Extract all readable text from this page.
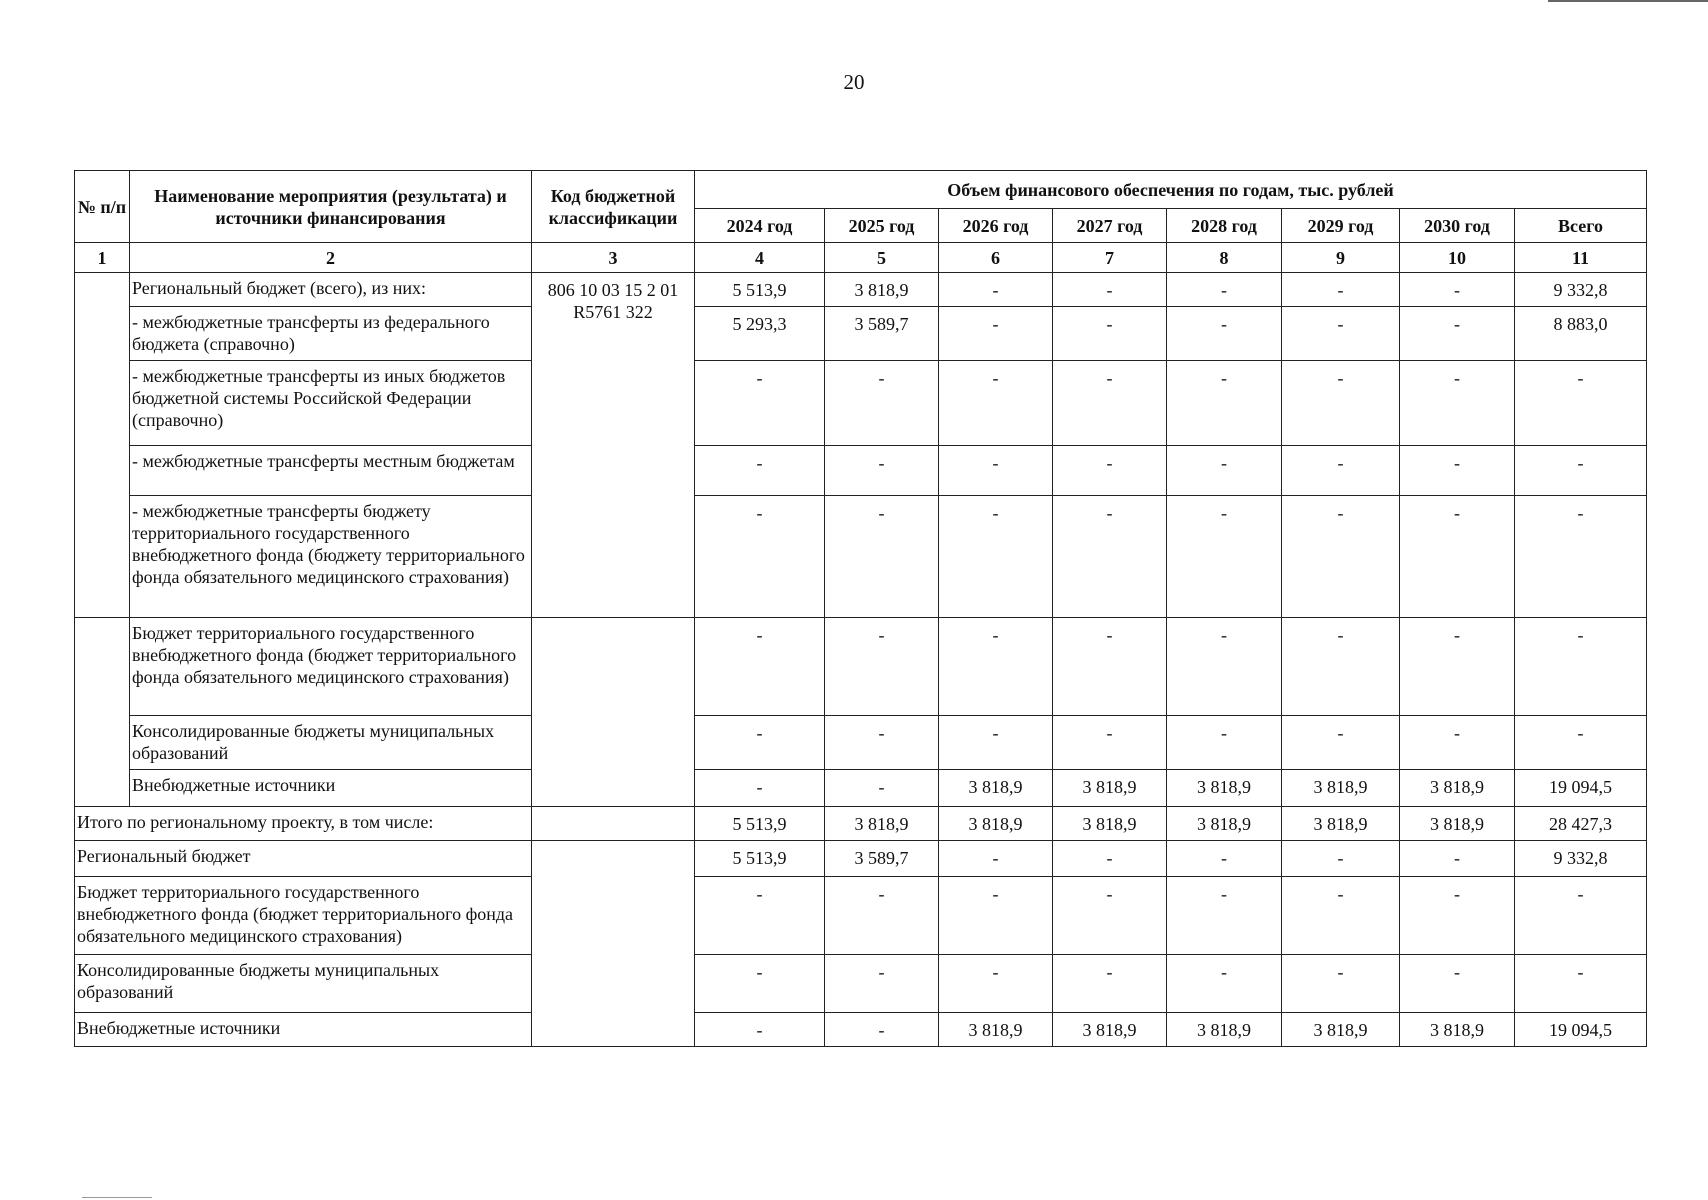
20
№ п/п	Наименование мероприятия (результата) и источники финансирования	Код бюджетной классификации	Объем финансового обеспечения по годам, тыс. рублей							
			2024 год	2025 год	2026 год	2027 год	2028 год	2029 год	2030 год	Всего
1	2	3	4	5	6	7	8	9	10	11
	Региональный бюджет (всего), из них:	806 10 03 15 2 01 R5761 322	5 513,9	3 818,9	-	-	-	-	-	9 332,8
	- межбюджетные трансферты из федерального бюджета (справочно)		5 293,3	3 589,7	-	-	-	-	-	8 883,0
	- межбюджетные трансферты из иных бюджетов бюджетной системы Российской Федерации (справочно)		-	-	-	-	-	-	-	-
	- межбюджетные трансферты местным бюджетам		-	-	-	-	-	-	-	-
	- межбюджетные трансферты бюджету территориального государственного внебюджетного фонда (бюджету территориального фонда обязательного медицинского страхования)		-	-	-	-	-	-	-	-
	Бюджет территориального государственного внебюджетного фонда (бюджет территориального фонда обязательного медицинского страхования)		-	-	-	-	-	-	-	-
	Консолидированные бюджеты муниципальных образований		-	-	-	-	-	-	-	-
	Внебюджетные источники		-	-	3 818,9	3 818,9	3 818,9	3 818,9	3 818,9	19 094,5
Итого по региональному проекту, в том числе:			5 513,9	3 818,9	3 818,9	3 818,9	3 818,9	3 818,9	3 818,9	28 427,3
Региональный бюджет			5 513,9	3 589,7	-	-	-	-	-	9 332,8
Бюджет территориального государственного внебюджетного фонда (бюджет территориального фонда обязательного медицинского страхования)			-	-	-	-	-	-	-	-
Консолидированные бюджеты муниципальных образований			-	-	-	-	-	-	-	-
Внебюджетные источники			-	-	3 818,9	3 818,9	3 818,9	3 818,9	3 818,9	19 094,5
